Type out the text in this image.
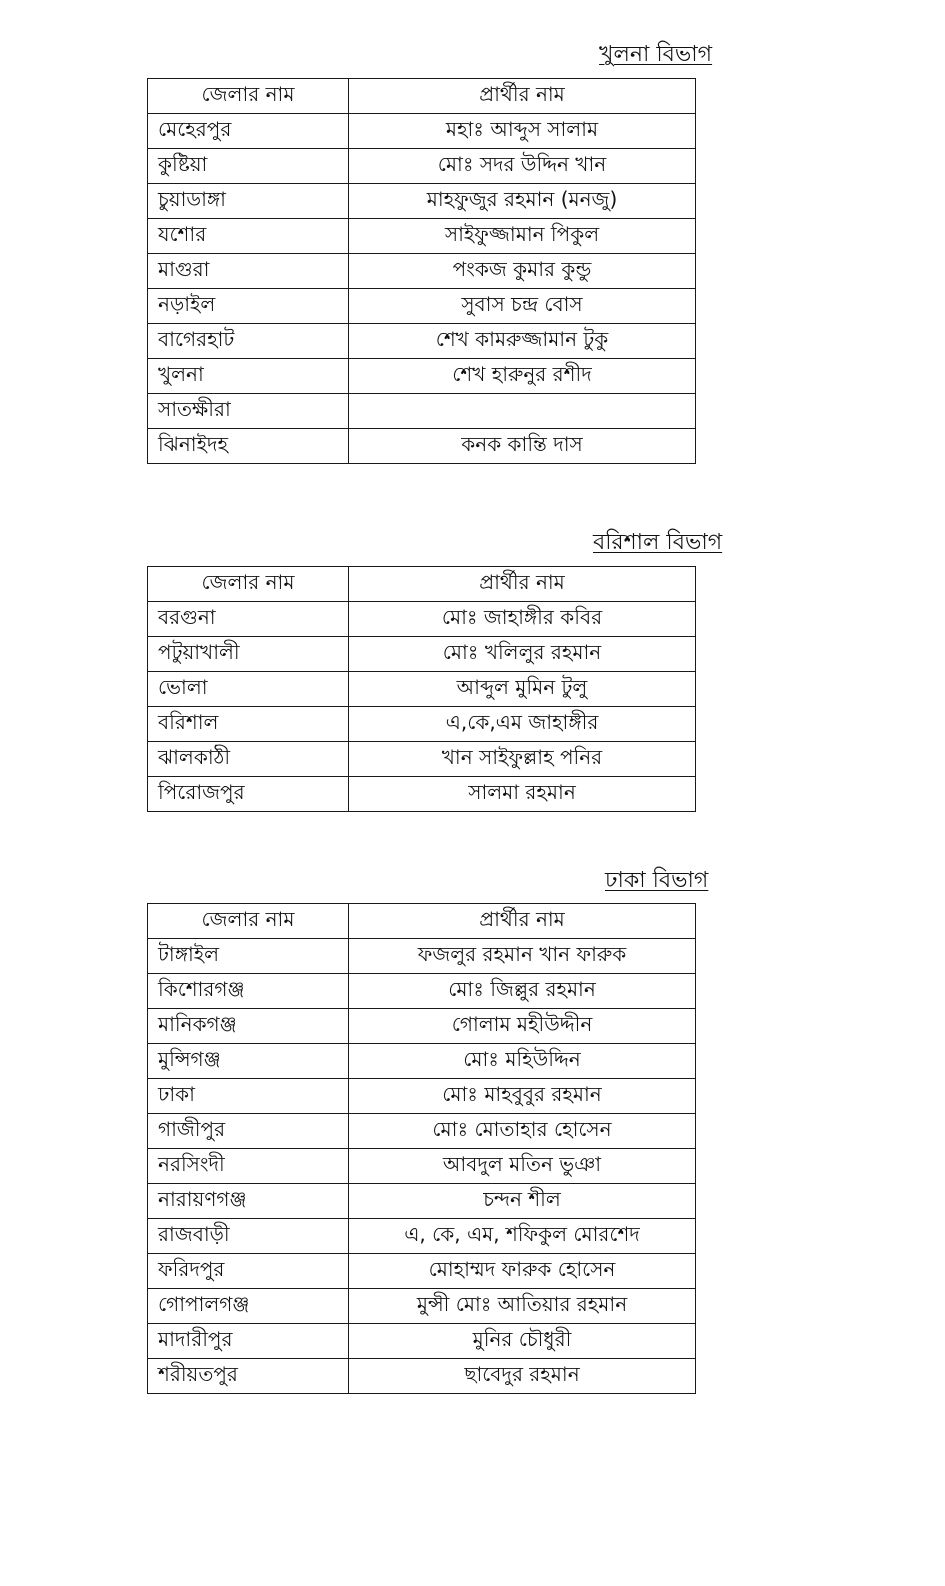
খুলনা বিভাগ
জেলার নাম	প্রার্থীর নাম
মেহেরপুর	মহাঃ আব্দুস সালাম
কুষ্টিয়া	মোঃ সদর উদ্দিন খান
চুয়াডাঙ্গা	মাহফুজুর রহমান (মনজু)
যশোর	সাইফুজ্জামান পিকুল
মাগুরা	পংকজ কুমার কুন্ডু
নড়াইল	সুবাস চন্দ্র বোস
বাগেরহাট	শেখ কামরুজ্জামান টুকু
খুলনা	শেখ হারুনুর রশীদ
সাতক্ষীরা	
ঝিনাইদহ	কনক কান্তি দাস
বরিশাল বিভাগ
জেলার নাম	প্রার্থীর নাম
বরগুনা	মোঃ জাহাঙ্গীর কবির
পটুয়াখালী	মোঃ খলিলুর রহমান
ভোলা	আব্দুল মুমিন টুলু
বরিশাল	এ,কে,এম জাহাঙ্গীর
ঝালকাঠী	খান সাইফুল্লাহ পনির
পিরোজপুর	সালমা রহমান
ঢাকা বিভাগ
জেলার নাম	প্রার্থীর নাম
টাঙ্গাইল	ফজলুর রহমান খান ফারুক
কিশোরগঞ্জ	মোঃ জিল্লুর রহমান
মানিকগঞ্জ	গোলাম মহীউদ্দীন
মুন্সিগঞ্জ	মোঃ মহিউদ্দিন
ঢাকা	মোঃ মাহবুবুর রহমান
গাজীপুর	মোঃ মোতাহার হোসেন
নরসিংদী	আবদুল মতিন ভুঞা
নারায়ণগঞ্জ	চন্দন শীল
রাজবাড়ী	এ, কে, এম, শফিকুল মোরশেদ
ফরিদপুর	মোহাম্মদ ফারুক হোসেন
গোপালগঞ্জ	মুন্সী মোঃ আতিয়ার রহমান
মাদারীপুর	মুনির চৌধুরী
শরীয়তপুর	ছাবেদুর রহমান
